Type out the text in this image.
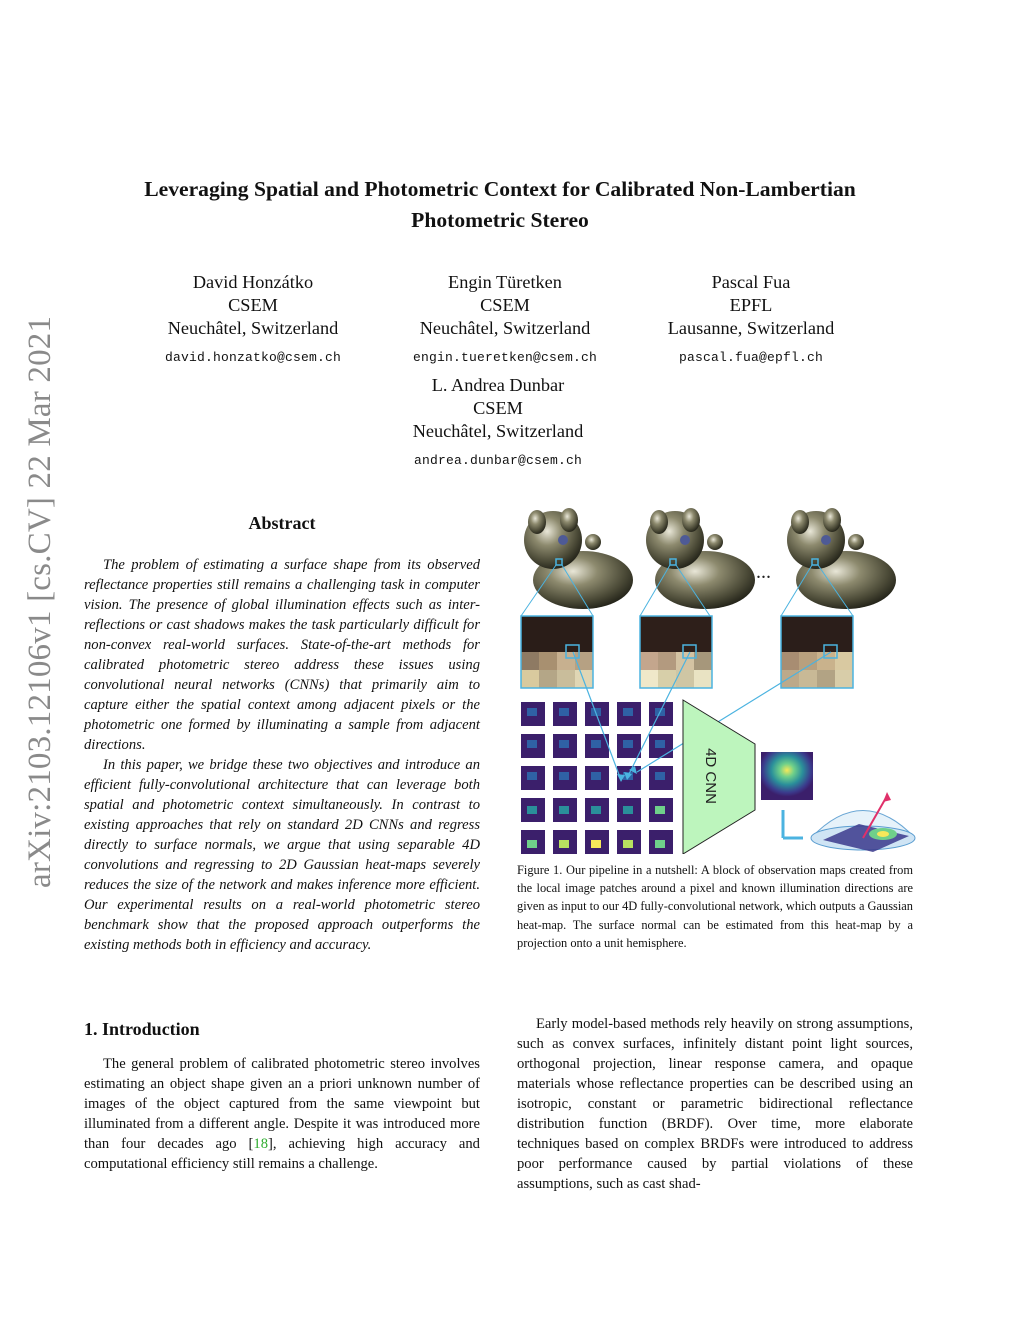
arXiv:2103.12106v1 [cs.CV] 22 Mar 2021
Leveraging Spatial and Photometric Context for Calibrated Non-Lambertian
Photometric Stereo
David Honzátko
CSEM
Neuchâtel, Switzerland
david.honzatko@csem.ch
Engin Türetken
CSEM
Neuchâtel, Switzerland
engin.tueretken@csem.ch
Pascal Fua
EPFL
Lausanne, Switzerland
pascal.fua@epfl.ch
L. Andrea Dunbar
CSEM
Neuchâtel, Switzerland
andrea.dunbar@csem.ch
Abstract

The problem of estimating a surface shape from its observed reflectance properties still remains a challenging task in computer vision. The presence of global illumination effects such as inter-reflections or cast shadows makes the task particularly difficult for non-convex real-world surfaces. State-of-the-art methods for calibrated photometric stereo address these issues using convolutional neural networks (CNNs) that primarily aim to capture either the spatial context among adjacent pixels or the photometric one formed by illuminating a sample from adjacent directions.

In this paper, we bridge these two objectives and introduce an efficient fully-convolutional architecture that can leverage both spatial and photometric context simultaneously. In contrast to existing approaches that rely on standard 2D CNNs and regress directly to surface normals, we argue that using separable 4D convolutions and regressing to 2D Gaussian heat-maps severely reduces the size of the network and makes inference more efficient. Our experimental results on a real-world photometric stereo benchmark show that the proposed approach outperforms the existing methods both in efficiency and accuracy.

1. Introduction

The general problem of calibrated photometric stereo involves estimating an object shape given an a priori unknown number of images of the object captured from the same viewpoint but illuminated from a different angle. Despite it was introduced more than four decades ago [18], achieving high accuracy and computational efficiency still remains a challenge.

Early model-based methods rely heavily on strong assumptions, such as convex surfaces, infinitely distant point light sources, orthogonal projection, linear response camera, and opaque materials whose reflectance properties can be described using an isotropic, constant or parametric bidirectional reflectance distribution function (BRDF). Over time, more elaborate techniques based on complex BRDFs were introduced to address poor performance caused by partial violations of these assumptions, such as cast shad-

...
4D CNN
Figure 1. Our pipeline in a nutshell: A block of observation maps created from the local image patches around a pixel and known illumination directions are given as input to our 4D fully-convolutional network, which outputs a Gaussian heat-map. The surface normal can be estimated from this heat-map by a projection onto a unit hemisphere.
